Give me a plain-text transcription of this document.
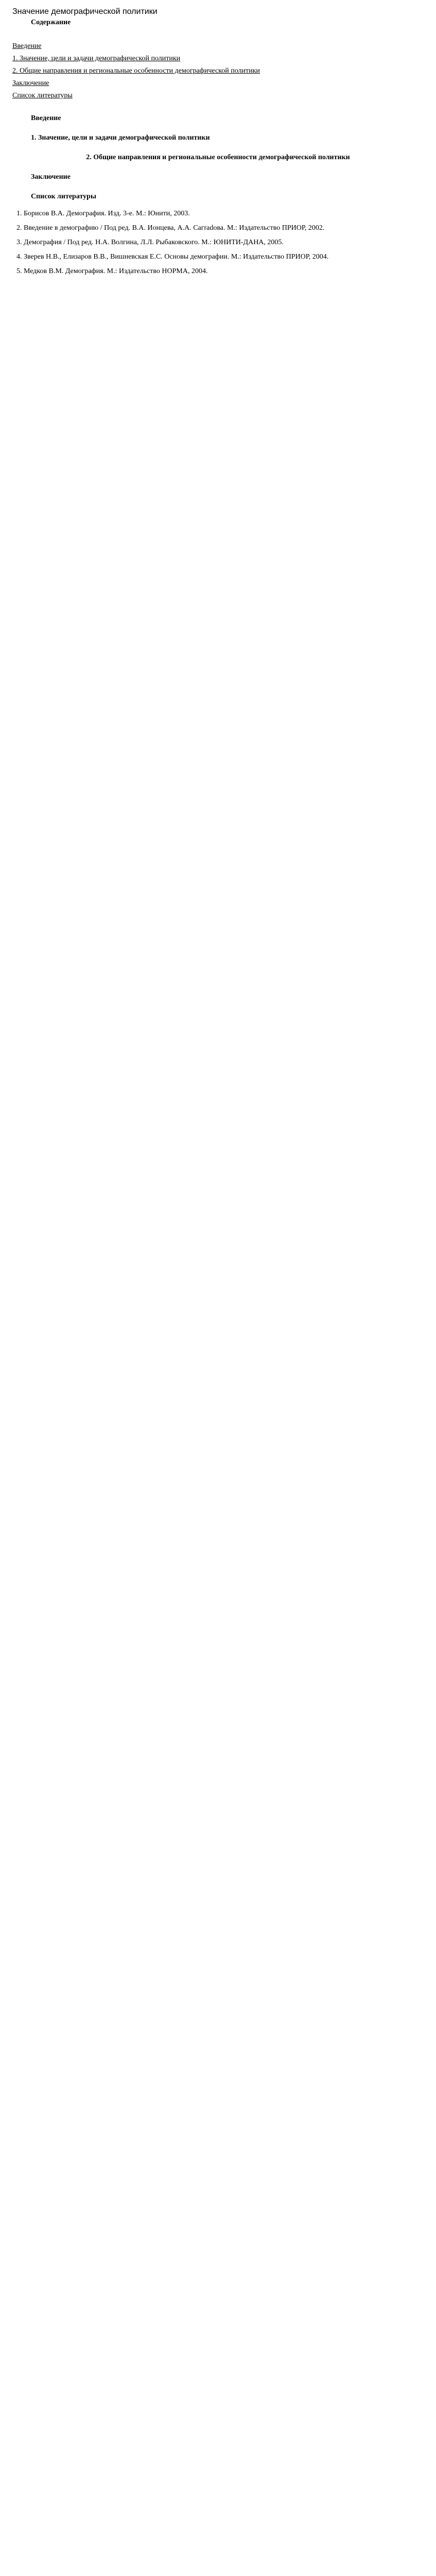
Значение демографической политики
Содержание
Введение
1. Значение, цели и задачи демографической политики
2. Общие направления и региональные особенности демографической политики
Заключение
Список литературы
Введение

1. Значение, цели и задачи демографической политики

2. Общие направления и региональные особенности демографической политики

Заключение

Список литературы
1. Борисов В.А. Демография. Изд. 3-е. М.: Юнити, 2003.
2. Введение в демографию / Под ред. В.А. Ионцева, А.А. Сагradова. М.: Издательство ПРИОР, 2002.
3. Демография / Под ред. Н.А. Волгина, Л.Л. Рыбаковского. М.: ЮНИТИ-ДАНА, 2005.
4. Зверев Н.В., Елизаров В.В., Вишневская Е.С. Основы демографии. М.: Издательство ПРИОР, 2004.
5. Медков В.М. Демография. М.: Издательство НОРМА, 2004.
